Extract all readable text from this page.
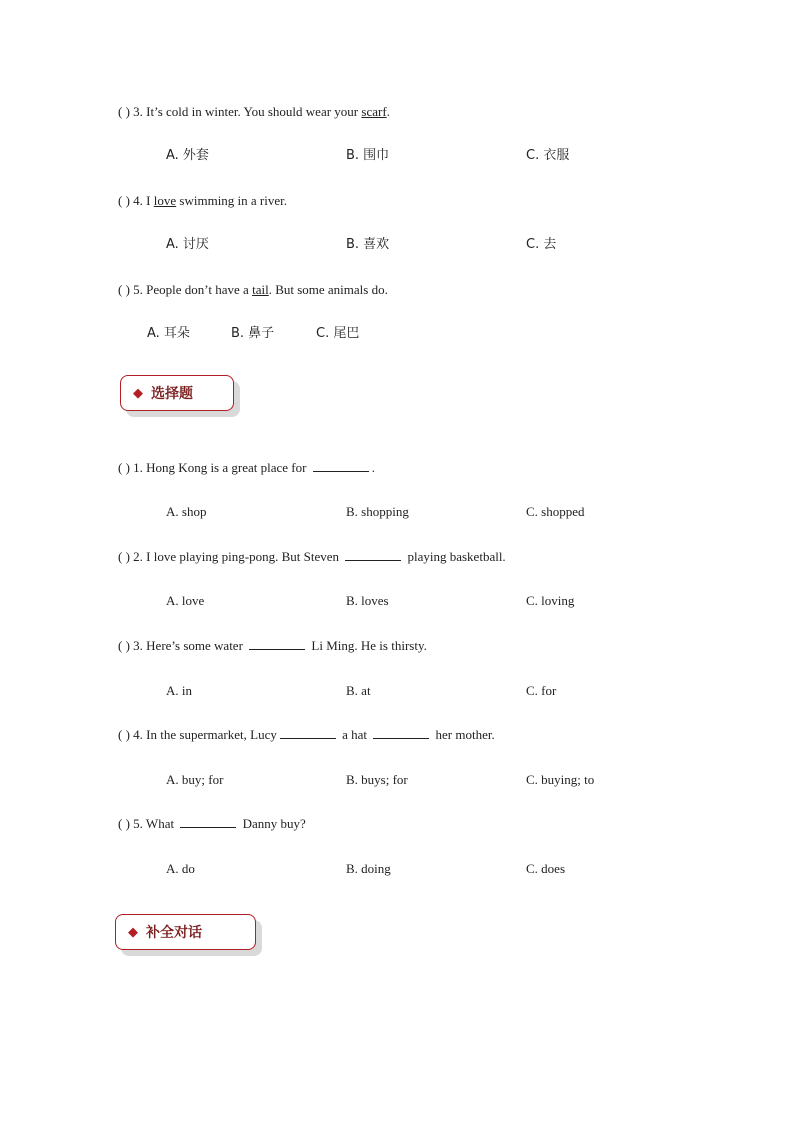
( ) 3. It’s cold in winter. You should wear your scarf.
A. 外套	B. 围巾	C. 衣服
( ) 4. I love swimming in a river.
A. 讨厌	B. 喜欢	C. 去
( ) 5. People don’t have a tail. But some animals do.
A. 耳朵	B. 鼻子	C. 尾巴
◆ 选择题
( ) 1. Hong Kong is a great place for	.
A. shop	B. shopping	C. shopped
( ) 2. I love playing ping-pong. But Steven	playing basketball.
A. love	B. loves	C. loving
( ) 3. Here’s some water	Li Ming. He is thirsty.
A. in	B. at	C. for
( ) 4. In the supermarket, Lucy	a hat	her mother.
A. buy; for	B. buys; for	C. buying; to
( ) 5. What	Danny buy?
A. do	B. doing	C. does
◆ 补全对话
